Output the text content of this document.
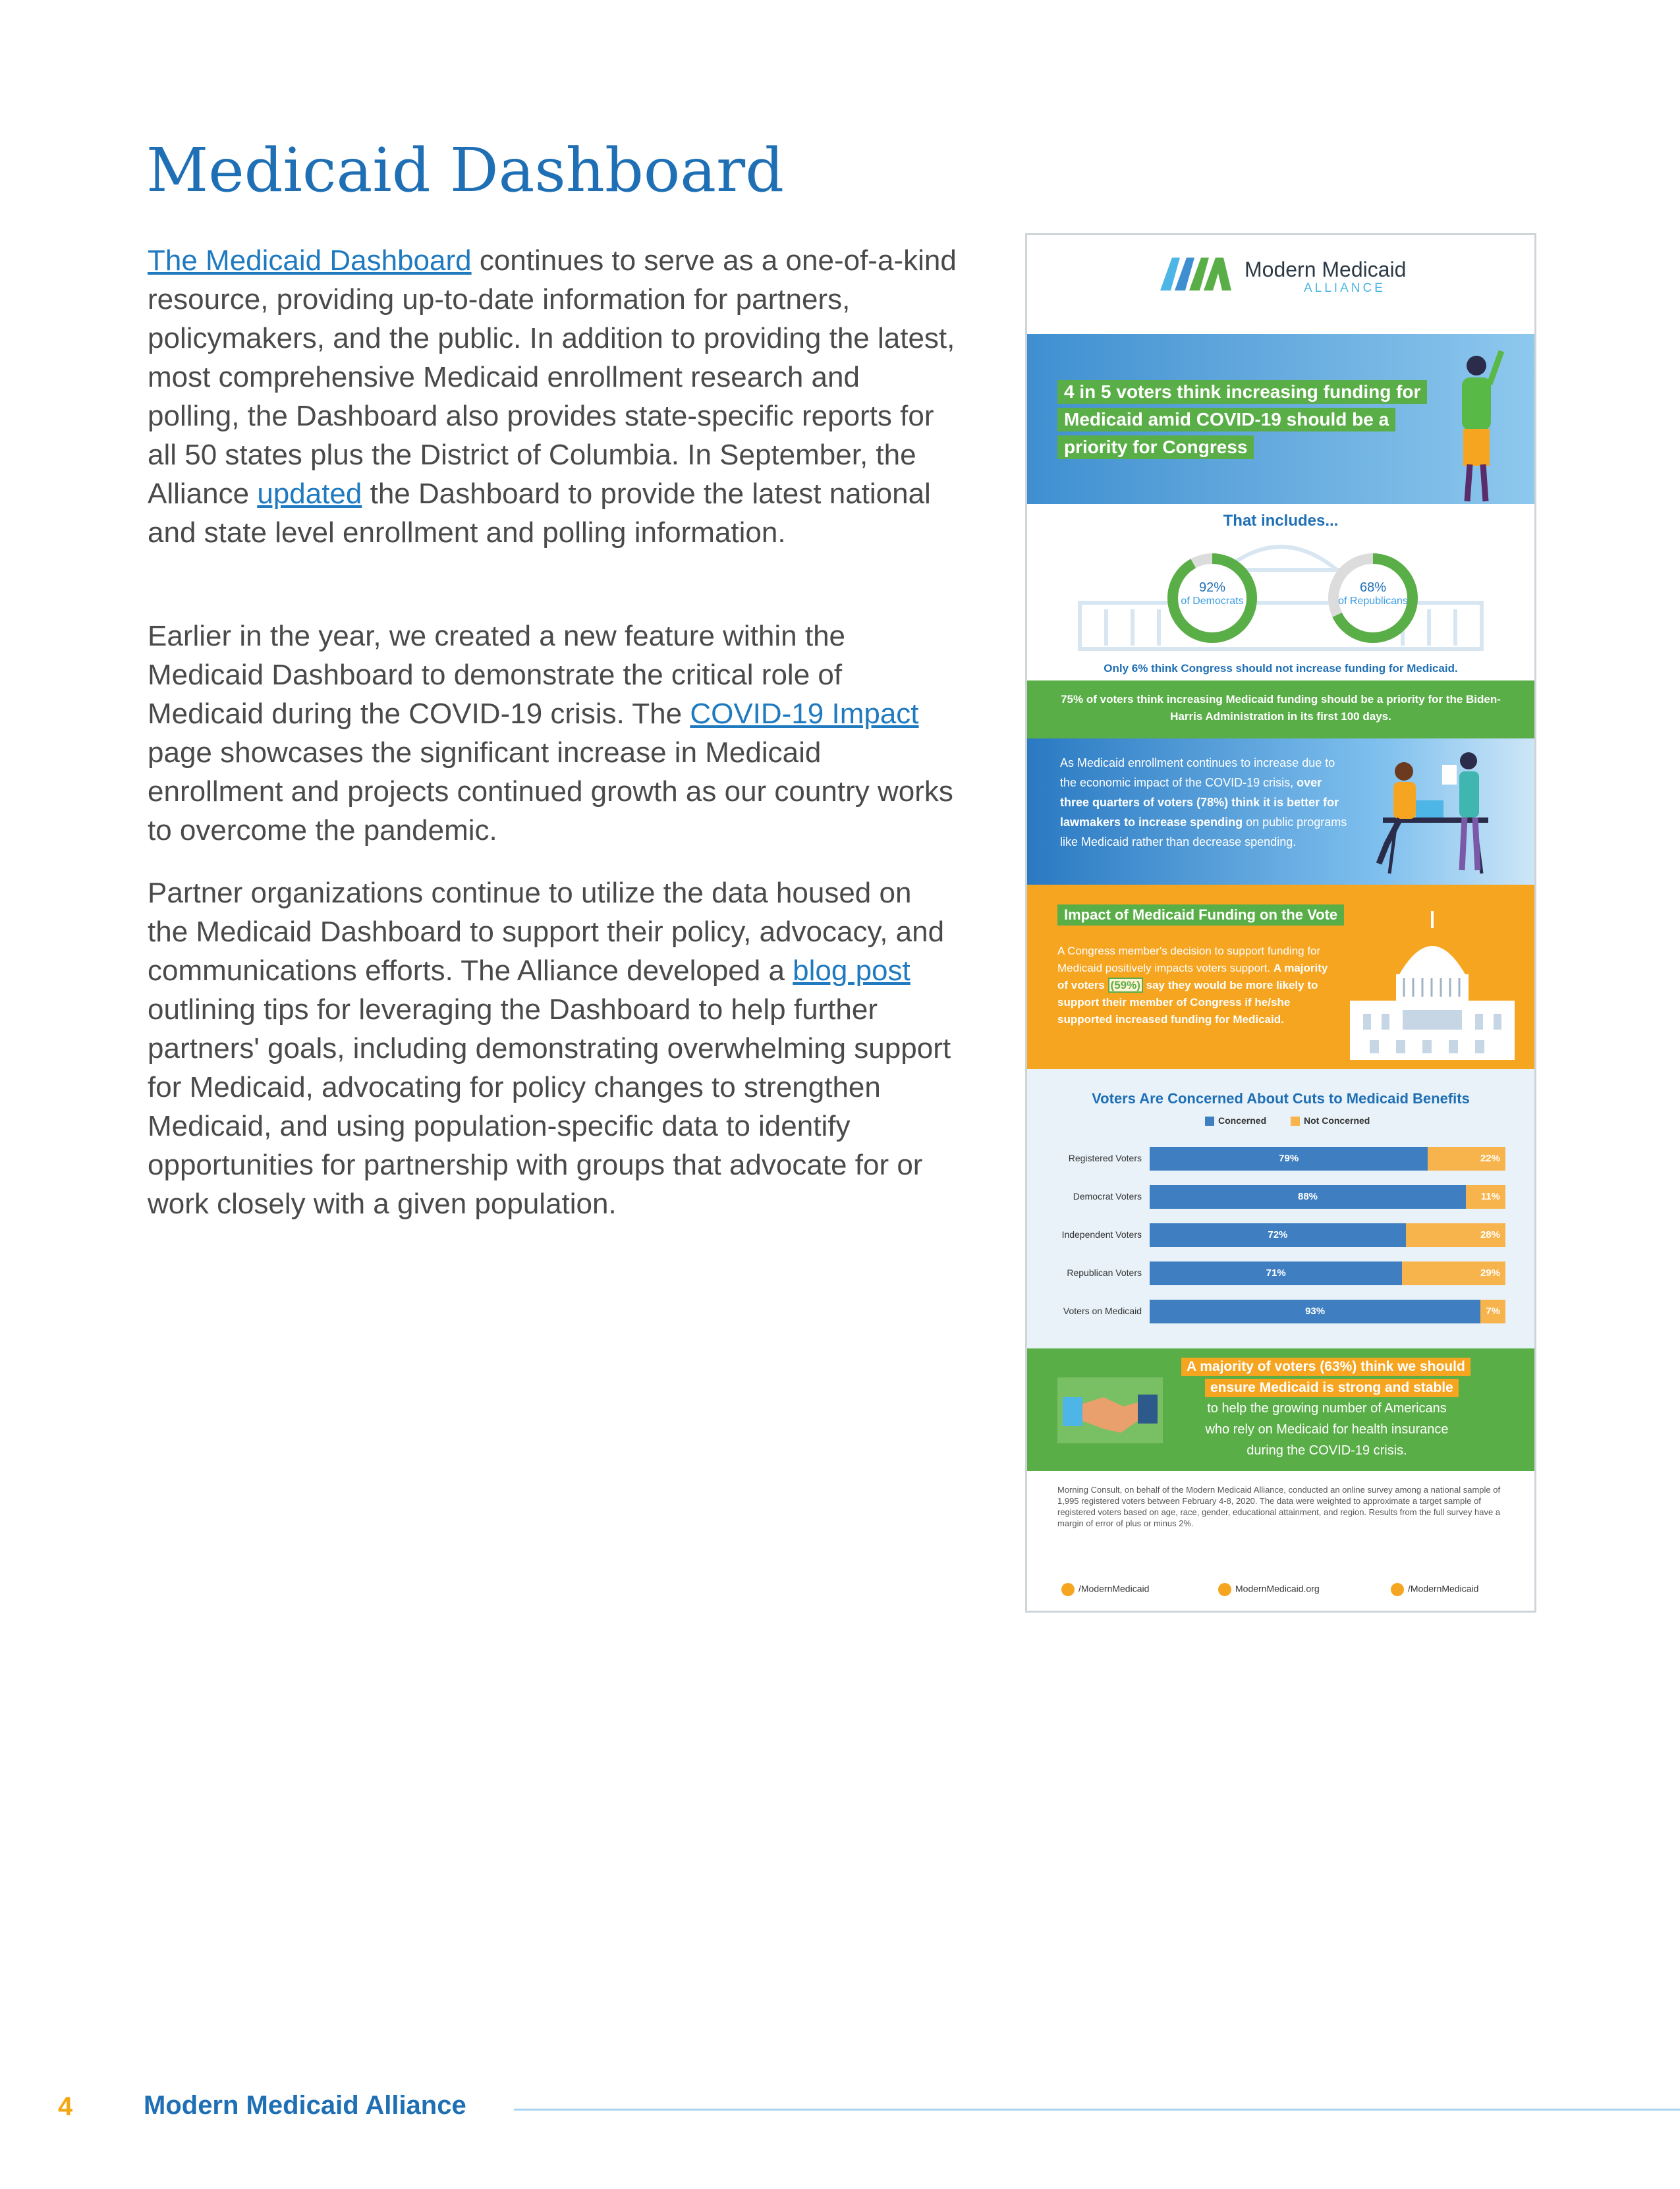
Medicaid Dashboard

The Medicaid Dashboard continues to serve as a one-of-a-kind resource, providing up-to-date information for partners, policymakers, and the public. In addition to providing the latest, most comprehensive Medicaid enrollment research and polling, the Dashboard also provides state-specific reports for all 50 states plus the District of Columbia. In September, the Alliance updated the Dashboard to provide the latest national and state level enrollment and polling information.

Earlier in the year, we created a new feature within the Medicaid Dashboard to demonstrate the critical role of Medicaid during the COVID-19 crisis. The COVID-19 Impact page showcases the significant increase in Medicaid enrollment and projects continued growth as our country works to overcome the pandemic.

Partner organizations continue to utilize the data housed on the Medicaid Dashboard to support their policy, advocacy, and communications efforts. The Alliance developed a blog post outlining tips for leveraging the Dashboard to help further partners' goals, including demonstrating overwhelming support for Medicaid, advocating for policy changes to strengthen Medicaid, and using population-specific data to identify opportunities for partnership with groups that advocate for or work closely with a given population.

Modern Medicaid
ALLIANCE
4 in 5 voters think increasing funding for
Medicaid amid COVID-19 should be a
priority for Congress
That includes...
92%
of Democrats
68%
of Republicans
Only 6% think Congress should not increase funding for Medicaid.
75% of voters think increasing Medicaid funding should be a priority for the Biden-Harris Administration in its first 100 days.
As Medicaid enrollment continues to increase due to the economic impact of the COVID-19 crisis, over three quarters of voters (78%) think it is better for lawmakers to increase spending on public programs like Medicaid rather than decrease spending.
Impact of Medicaid Funding on the Vote
A Congress member's decision to support funding for Medicaid positively impacts voters support. A majority of voters (59%) say they would be more likely to support their member of Congress if he/she supported increased funding for Medicaid.
Voters Are Concerned About Cuts to Medicaid Benefits
Concerned	Not Concerned
Registered Voters	79%	22%
Democrat Voters	88%	11%
Independent Voters	72%	28%
Republican Voters	71%	29%
Voters on Medicaid	93%	7%
A majority of voters (63%) think we should
ensure Medicaid is strong and stable
to help the growing number of Americans
who rely on Medicaid for health insurance
during the COVID-19 crisis.
Morning Consult, on behalf of the Modern Medicaid Alliance, conducted an online survey among a national sample of 1,995 registered voters between February 4-8, 2020. The data were weighted to approximate a target sample of registered voters based on age, race, gender, educational attainment, and region. Results from the full survey have a margin of error of plus or minus 2%.
/ModernMedicaid	ModernMedicaid.org	/ModernMedicaid
4	Modern Medicaid Alliance
